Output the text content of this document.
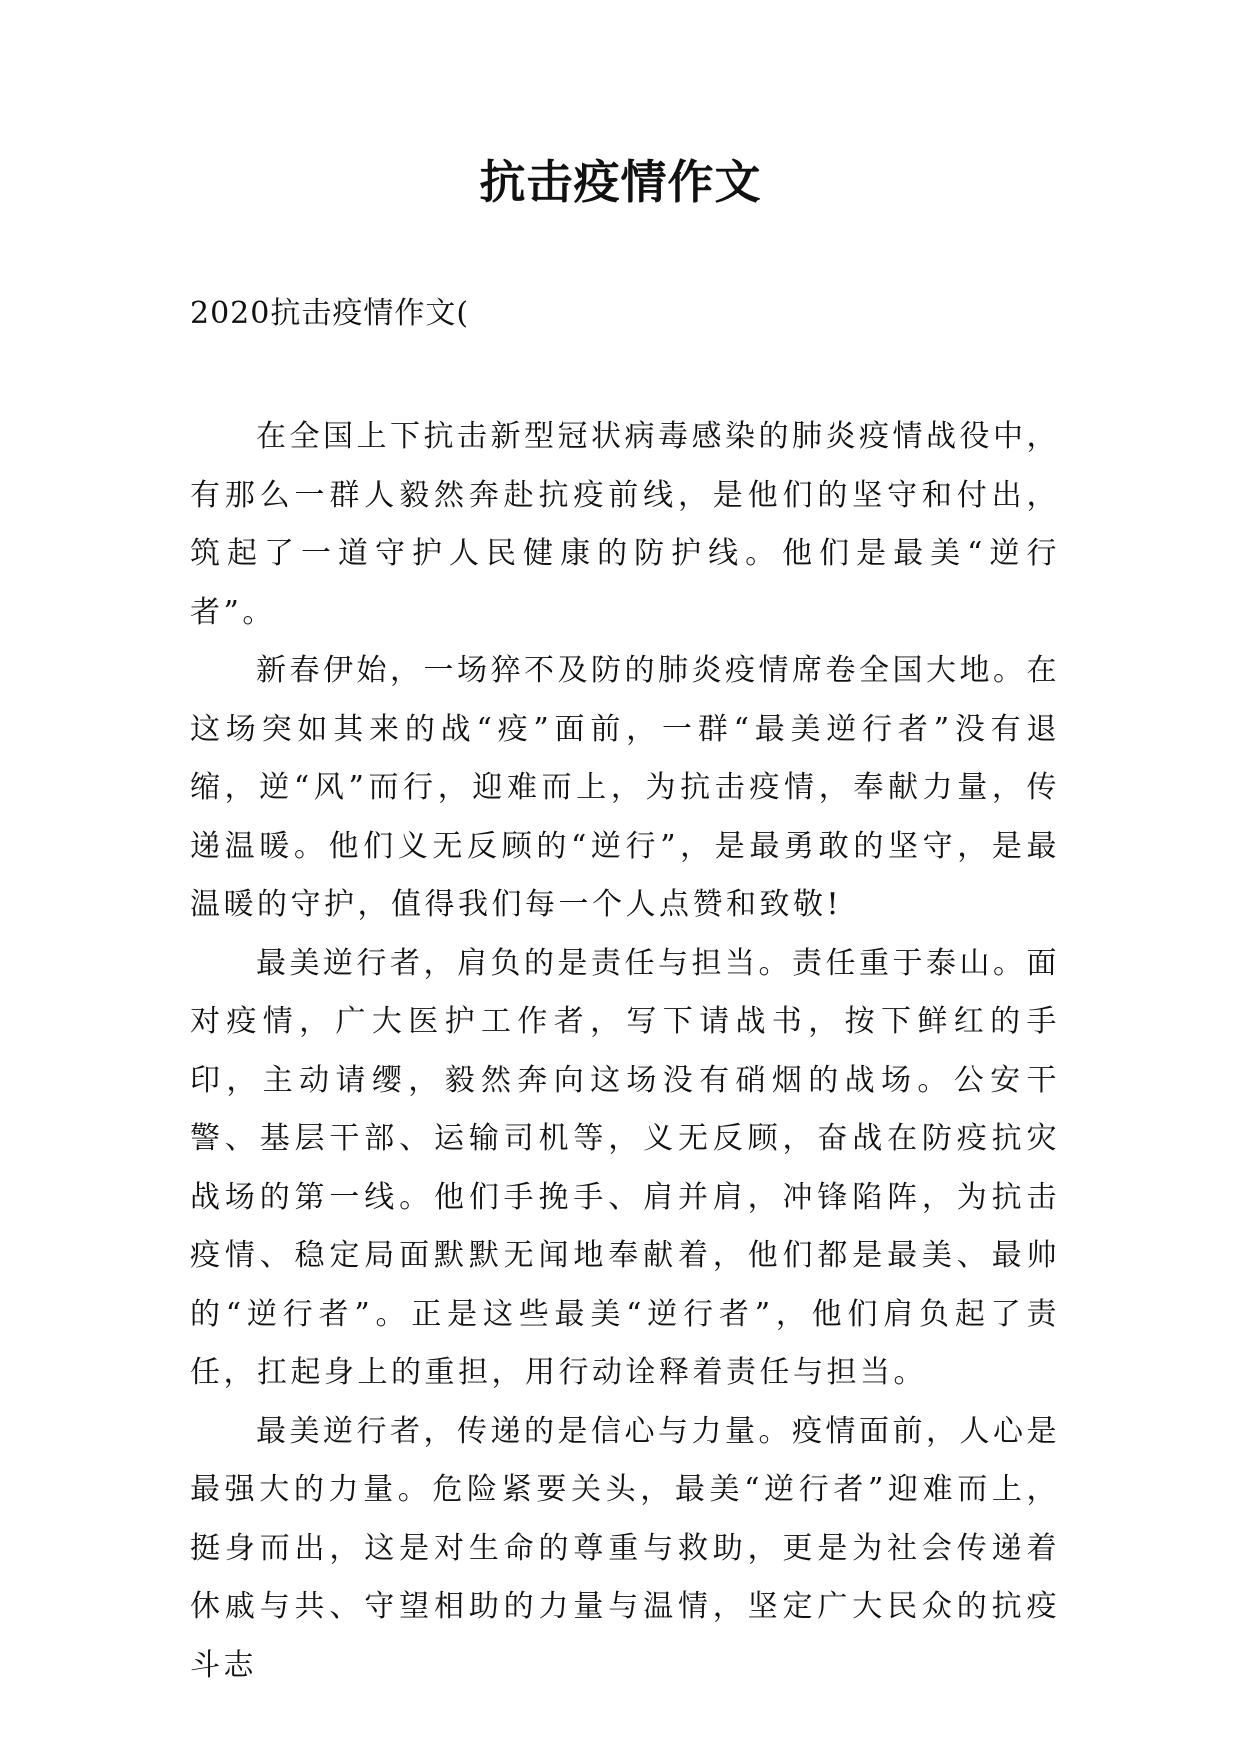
抗击疫情作文

2020抗击疫情作文(

在全国上下抗击新型冠状病毒感染的肺炎疫情战役中，有那么一群人毅然奔赴抗疫前线，是他们的坚守和付出，筑起了一道守护人民健康的防护线。他们是最美“逆行者”。

新春伊始，一场猝不及防的肺炎疫情席卷全国大地。在这场突如其来的战“疫”面前，一群“最美逆行者”没有退缩，逆“风”而行，迎难而上，为抗击疫情，奉献力量，传递温暖。他们义无反顾的“逆行”，是最勇敢的坚守，是最温暖的守护，值得我们每一个人点赞和致敬!

最美逆行者，肩负的是责任与担当。责任重于泰山。面对疫情，广大医护工作者，写下请战书，按下鲜红的手印，主动请缨，毅然奔向这场没有硝烟的战场。公安干警、基层干部、运输司机等，义无反顾，奋战在防疫抗灾战场的第一线。他们手挽手、肩并肩，冲锋陷阵，为抗击疫情、稳定局面默默无闻地奉献着，他们都是最美、最帅的“逆行者”。正是这些最美“逆行者”，他们肩负起了责任，扛起身上的重担，用行动诠释着责任与担当。

最美逆行者，传递的是信心与力量。疫情面前，人心是最强大的力量。危险紧要关头，最美“逆行者”迎难而上，挺身而出，这是对生命的尊重与救助，更是为社会传递着休戚与共、守望相助的力量与温情，坚定广大民众的抗疫斗志
